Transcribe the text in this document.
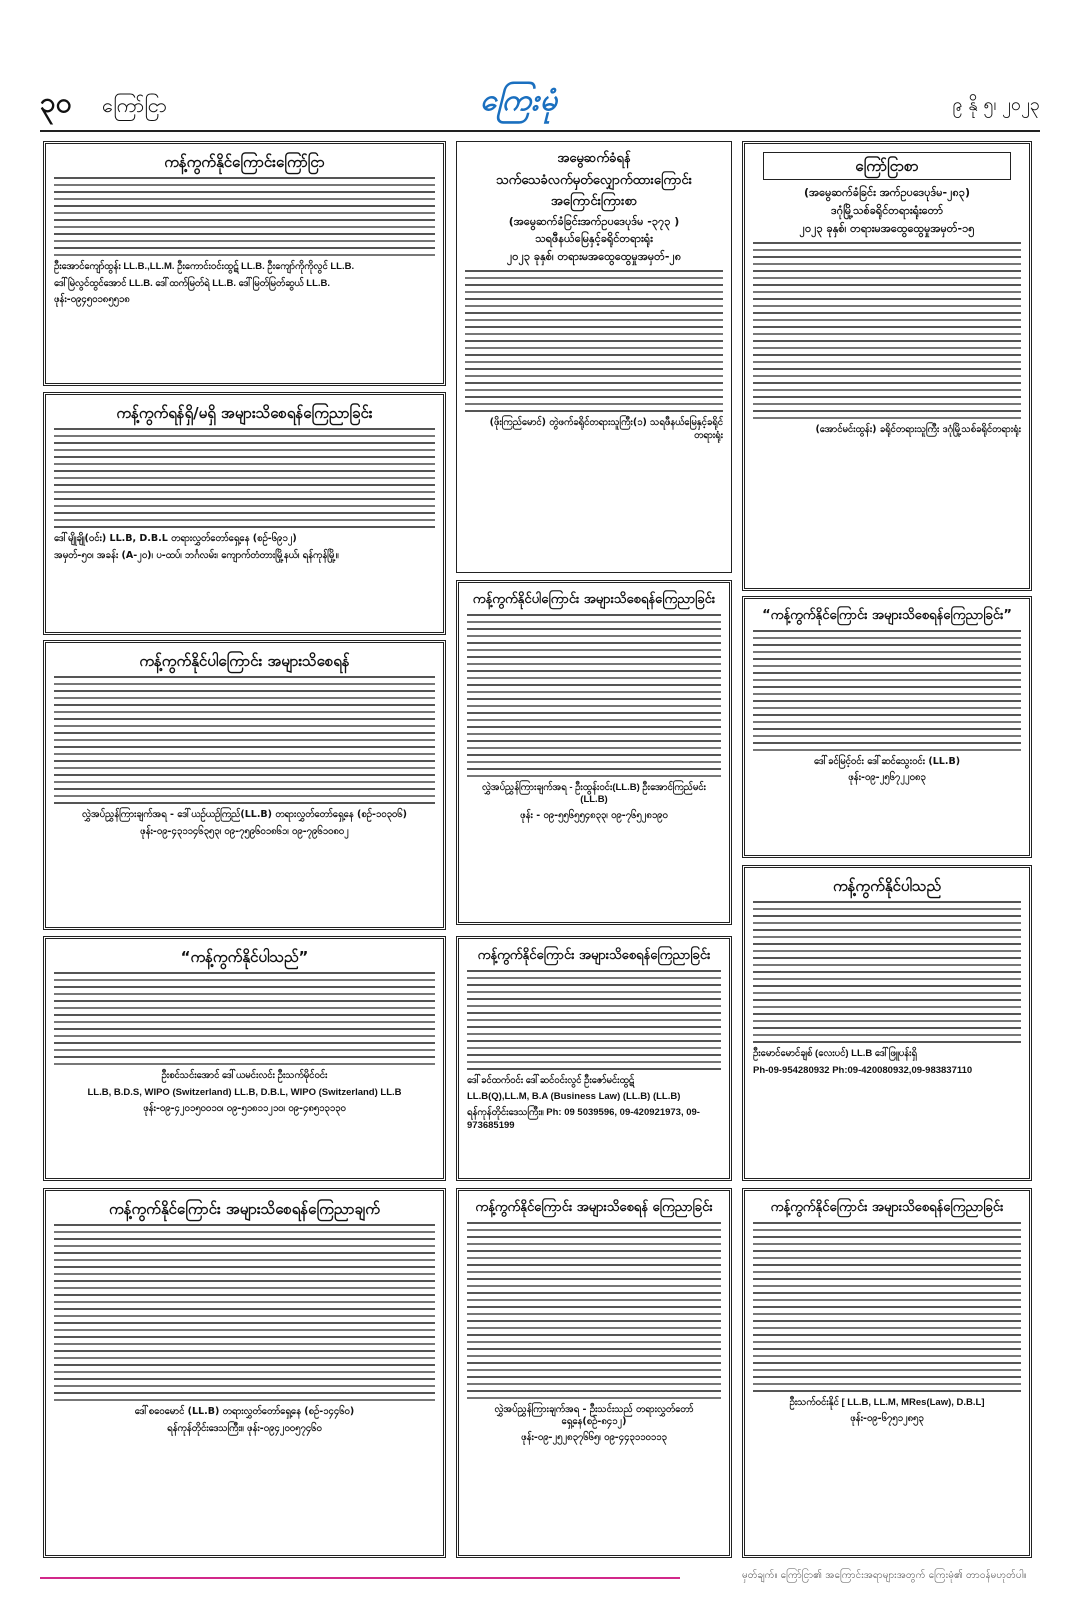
၃၀ ကြော်ငြာ	ကြေးမုံ	၉ နို ၅၊ ၂၀၂၃
ကန့်ကွက်နိုင်ကြောင်းကြော်ငြာ
ဦးအောင်ကျော်ထွန်း LL.B.,LL.M. ဦးကောင်းဝင်းထွဋ် LL.B. ဦးကျော်ကိုကိုလွင် LL.B.
ဒေါ်မြဲလွင်ထွင်အောင် LL.B. ဒေါ်ထက်မြတ်ရဲ LL.B. ဒေါ်မြတ်မြတ်ဆွယ် LL.B.
ဖုန်း-၀၉၄၅၀၁၈၅၅၁၈
ကန့်ကွက်ရန်ရှိ/မရှိ အများသိစေရန်ကြေညာခြင်း
ဒေါ်မျိုချို(၀င်း) LL.B, D.B.L တရားလွှတ်တော်ရှေ့နေ (စဉ်-၆၉၁၂)
အမှတ်-၅၀၊ အခန်း (A-၂၀)၊ ပ-ထပ်၊ ဘင်္ဂလမ်း၊ ကျောက်တံတားမြို့နယ်၊ ရန်ကုန်မြို့။
ကန့်ကွက်နိုင်ပါကြောင်း အများသိစေရန်
လွှဲအပ်ညွှန်ကြားချက်အရ - ဒေါ်ယဉ်ယဉ်ကြည်(LL.B) တရားလွှတ်တော်ရှေ့နေ (စဉ်-၁၀၃၀၆)
ဖုန်း-၀၉-၄၃၁၁၄၆၃၅၃၊ ၀၉-၇၅၉၆၀၁၈၆၁၊ ၀၉-၇၉၆၁၀၈၀၂
“ကန့်ကွက်နိုင်ပါသည်”
ဦးစင်သင်းအောင် ဒေါ်ယမင်းလင်း ဦးသက်မိုင်ဝင်း
LL.B, B.D.S, WIPO (Switzerland) LL.B, D.B.L, WIPO (Switzerland) LL.B
ဖုန်း-၀၉-၄၂၀၁၅၀၀၁၀၊ ၀၉-၅၁၈၁၁၂၁၀၊ ၀၉-၄၈၅၁၃၁၃၀
ကန့်ကွက်နိုင်ကြောင်း အများသိစေရန်ကြေညာချက်
ဒေါ်စဝေမောင် (LL.B) တရားလွှတ်တော်ရှေ့နေ (စဉ်-၁၄၄၆၀)
ရန်ကုန်တိုင်းဒေသကြီး။ ဖုန်း-၀၉၄၂၀၀၅၇၄၆၀
အမွေဆက်ခံရန်
သက်သေခံလက်မှတ်လျှောက်ထားကြောင်း
အကြောင်းကြားစာ
(အမွေဆက်ခံခြင်းအက်ဥပဒေပုဒ်မ -၃၇၃ )
သရဖီနယ်မြေနှင့်ခရိုင်တရားရုံး
၂၀၂၃ ခုနှစ်၊ တရားမအထွေထွေမှုအမှတ်-၂၈
(ဖိုးကြည်မောင်) တွဲဖက်ခရိုင်တရားသူကြီး(၁) သရဖီနယ်မြေနှင့်ခရိုင်တရားရုံး
ကန့်ကွက်နိုင်ပါကြောင်း အများသိစေရန်ကြေညာခြင်း
လွှဲအပ်ညွှန်ကြားချက်အရ - ဦးထွန်းဝင်း(LL.B) ဦးအောင်ကြည်မင်း (LL.B)
ဖုန်း - ၀၉-၅၅၆၅၅၄၈၃၃၊ ၀၉-၇၆၅၂၈၁၉၀
ကန့်ကွက်နိုင်ကြောင်း အများသိစေရန်ကြေညာခြင်း
ဒေါ်ခင်ထက်ဝင်း ဒေါ်ဆင်ဝင်းလွင် ဦးဇော်မင်းထွဋ်
LL.B(Q),LL.M, B.A (Business Law) (LL.B) (LL.B)
ရန်ကုန်တိုင်းဒေသကြီး။ Ph: 09 5039596, 09-420921973, 09-973685199
ကန့်ကွက်နိုင်ကြောင်း အများသိစေရန် ကြေညာခြင်း
လွှဲအပ်ညွှန်ကြားချက်အရ - ဦးသင်းသည် တရားလွှတ်တော်ရှေ့နေ(စဉ်-၈၄၁၂)
ဖုန်း-၀၉-၂၅၂၈၃၇၆၆၅၊ ၀၉-၄၄၃၁၁၀၁၁၃
ကြော်ငြာစာ
(အမွေဆက်ခံခြင်း အက်ဥပဒေပုဒ်မ-၂၈၃)
ဒဂုံမြို့သစ်ခရိုင်တရားရုံးတော်
၂၀၂၃ ခုနှစ်၊ တရားမအထွေထွေမှုအမှတ်-၁၅
(အောင်မင်းထွန်း) ခရိုင်တရားသူကြီး ဒဂုံမြို့သစ်ခရိုင်တရားရုံး
“ကန့်ကွက်နိုင်ကြောင်း အများသိစေရန်ကြေညာခြင်း”
ဒေါ်ခင်မြင့်ဝင်း ဒေါ်ဆင်သွေးဝင်း (LL.B)
ဖုန်း-၀၉-၂၅၆၇၂၂၀၈၃
ကန့်ကွက်နိုင်ပါသည်
ဦးမောင်မောင်ချစ် (လေးပင်) LL.B ဒေါ်ဖြူပန်းရှိ
Ph-09-954280932 Ph:09-420080932,09-983837110
ကန့်ကွက်နိုင်ကြောင်း အများသိစေရန်ကြေညာခြင်း
ဦးသက်ဝင်းနိုင် [ LL.B, LL.M, MRes(Law), D.B.L]
ဖုန်း-၀၉-၆၇၅၁၂၈၅၃
မှတ်ချက်။ ကြော်ငြာ၏ အကြောင်းအရာများအတွက် ကြေးမုံ၏ တာဝန်မဟုတ်ပါ။
